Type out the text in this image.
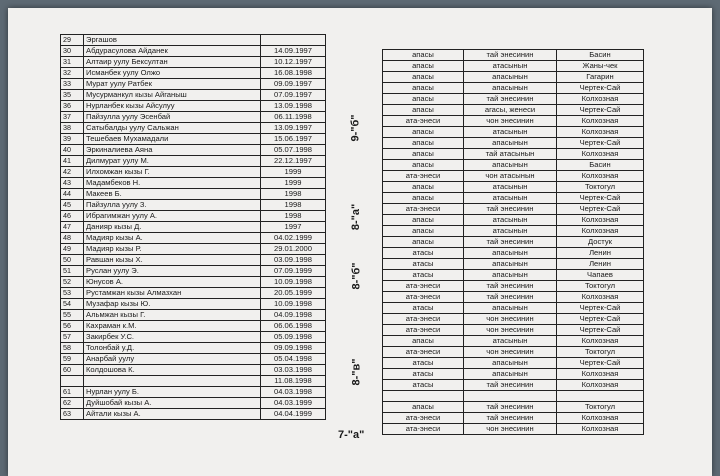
29	Эргашов	
30	Абдурасулова Айданек	14.09.1997
31	Алтаир уулу Бексултан	10.12.1997
32	Исманбек уулу Олжо	16.08.1998
33	Мурат уулу Ратбек	09.09.1997
35	Мусурманкул кызы Айганыш	07.09.1997
36	Нурланбек кызы Айсулуу	13.09.1998
37	Пайзулла уулу Эсенбай	06.11.1998
38	Сатыбалды уулу Сальжан	13.09.1997
39	Тешебаев Мухамадали	15.06.1997
40	Эркиналиева Аяна	05.07.1998
41	Дилмурат уулу М.	22.12.1997
42	Илхомжан кызы Г.	1999
43	Мадамбеков Н.	1999
44	Макеев Б.	1998
45	Пайзулла уулу З.	1998
46	Ибрагимжан уулу А.	1998
47	Данияр кызы Д.	1997
48	Мадияр кызы А.	04.02.1999
49	Мадияр кызы Р.	29.01.2000
50	Равшан кызы Х.	03.09.1998
51	Руслан уулу Э.	07.09.1999
52	Юнусов А.	10.09.1998
53	Рустамжан кызы Алмазхан	20.05.1999
54	Музафар кызы Ю.	10.09.1998
55	Альмжан кызы Г.	04.09.1998
56	Кахраман к.М.	06.06.1998
57	Закирбек У.С.	05.09.1998
58	Толонбай у.Д.	09.09.1998
59	Анарбай уулу	05.04.1998
60	Колдошова К.	03.03.1998
		11.08.1998
61	Нурлан уулу Б.	04.03.1998
62	Дуйшобай кызы А.	04.03.1999
63	Айтали кызы А.	04.04.1999
9-"б"
8-"а"
8-"б"
8-"в"
7-"а"
апасы	тай энесинин	Басин
апасы	атасынын	Жаны-чек
апасы	апасынын	Гагарин
апасы	апасынын	Чертек-Сай
апасы	тай энесинин	Колхозная
апасы	агасы, женеси	Чертек-Сай
ата-энеси	чон энесинин	Колхозная
апасы	атасынын	Колхозная
апасы	апасынын	Чертек-Сай
апасы	тай атасынын	Колхозная
апасы	апасынын	Басин
ата-энеси	чон атасынын	Колхозная
апасы	атасынын	Токтогул
апасы	атасынын	Чертек-Сай
ата-энеси	тай энесинин	Чертек-Сай
апасы	атасынын	Колхозная
апасы	атасынын	Колхозная
апасы	тай энесинин	Достук
атасы	апасынын	Ленин
атасы	апасынын	Ленин
атасы	апасынын	Чапаев
ата-энеси	тай энесинин	Токтогул
ата-энеси	тай энесинин	Колхозная
атасы	апасынын	Чертек-Сай
ата-энеси	чон энесинин	Чертек-Сай
ата-энеси	чон энесинин	Чертек-Сай
апасы	атасынын	Колхозная
ата-энеси	чон энесинин	Токтогул
атасы	апасынын	Чертек-Сай
атасы	апасынын	Колхозная
атасы	тай энесинин	Колхозная

апасы	тай энесинин	Токтогул
ата-энеси	тай энесинин	Колхозная
ата-энеси	чон энесинин	Колхозная
